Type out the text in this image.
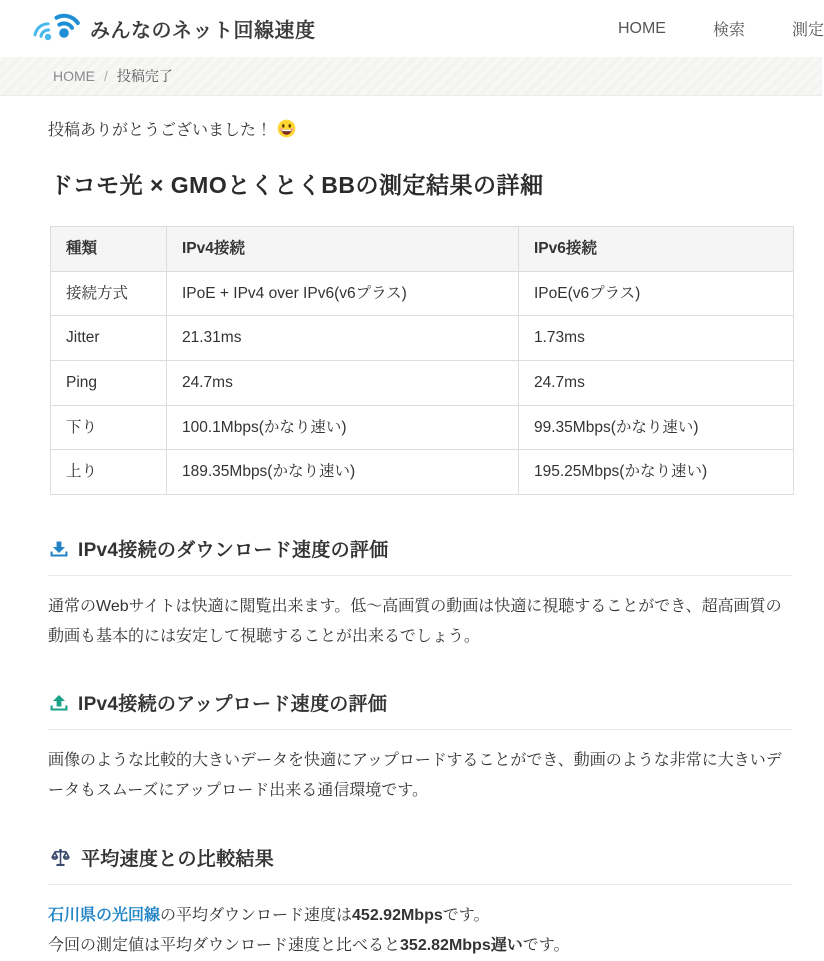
みんなのネット回線速度	HOME	検索	測定
HOME / 投稿完了

投稿ありがとうございました！

ドコモ光 × GMOとくとくBBの測定結果の詳細
種類	IPv4接続	IPv6接続
接続方式	IPoE + IPv4 over IPv6(v6プラス)	IPoE(v6プラス)
Jitter	21.31ms	1.73ms
Ping	24.7ms	24.7ms
下り	100.1Mbps(かなり速い)	99.35Mbps(かなり速い)
上り	189.35Mbps(かなり速い)	195.25Mbps(かなり速い)
IPv4接続のダウンロード速度の評価

通常のWebサイトは快適に閲覧出来ます。低〜高画質の動画は快適に視聴することができ、超高画質の動画も基本的には安定して視聴することが出来るでしょう。

IPv4接続のアップロード速度の評価

画像のような比較的大きいデータを快適にアップロードすることができ、動画のような非常に大きいデータもスムーズにアップロード出来る通信環境です。

平均速度との比較結果

石川県の光回線の平均ダウンロード速度は452.92Mbpsです。
今回の測定値は平均ダウンロード速度と比べると352.82Mbps遅いです。
